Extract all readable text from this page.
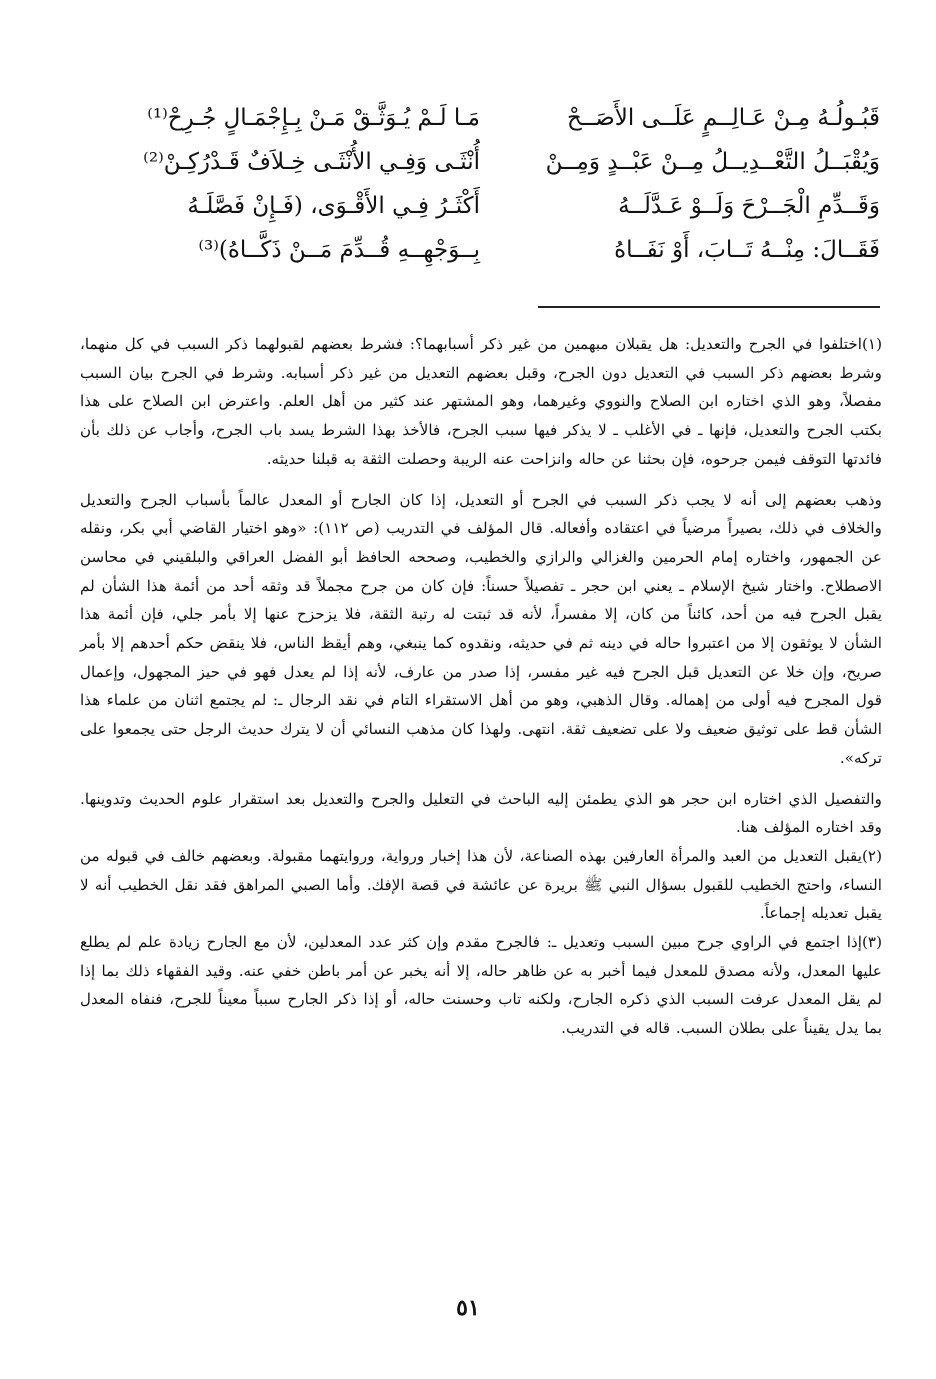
قَبُـولُـهُ مِـنْ عَـالِــمٍ عَلَــى الأَصَــحْ
مَـا لَـمْ يُـوَثَّـقْ مَـنْ بِـإِجْمَـالٍ جُـرِحْ⁽¹⁾
وَيُقْبَــلُ التَّعْــدِيــلُ مِــنْ عَبْــدٍ وَمِــنْ
أُنْثَـى وَفِـي الأُنْثَـى خِـلاَفٌ قَـدْرُكِـنْ⁽²⁾
وَقَــدِّمِ الْجَــرْحَ وَلَــوْ عَـدَّلَــهُ
أَكْثَـرُ فِـي الأَقْـوَى، (فَـإِنْ فَصَّلَـهُ
فَقَــالَ: مِنْــهُ تَــابَ، أَوْ نَفَــاهُ
بِــوَجْهِــهِ قُــدِّمَ مَــنْ ذَكَّــاهُ)⁽³⁾

(١)اختلفوا في الجرح والتعديل: هل يقبلان مبهمين من غير ذكر أسبابهما؟: فشرط بعضهم لقبولهما ذكر السبب في كل منهما، وشرط بعضهم ذكر السبب في التعديل دون الجرح، وقبل بعضهم التعديل من غير ذكر أسبابه. وشرط في الجرح بيان السبب مفصلاً، وهو الذي اختاره ابن الصلاح والنووي وغيرهما، وهو المشتهر عند كثير من أهل العلم. واعترض ابن الصلاح على هذا بكتب الجرح والتعديل، فإنها ـ في الأغلب ـ لا يذكر فيها سبب الجرح، فالأخذ بهذا الشرط يسد باب الجرح، وأجاب عن ذلك بأن فائدتها التوقف فيمن جرحوه، فإن بحثنا عن حاله وانزاحت عنه الريبة وحصلت الثقة به قبلنا حديثه.

وذهب بعضهم إلى أنه لا يجب ذكر السبب في الجرح أو التعديل، إذا كان الجارح أو المعدل عالماً بأسباب الجرح والتعديل والخلاف في ذلك، بصيراً مرضياً في اعتقاده وأفعاله. قال المؤلف في التدريب (ص ١١٢): «وهو اختيار القاضي أبي بكر، ونقله عن الجمهور، واختاره إمام الحرمين والغزالي والرازي والخطيب، وصححه الحافظ أبو الفضل العراقي والبلقيني في محاسن الاصطلاح. واختار شيخ الإسلام ـ يعني ابن حجر ـ تفصيلاً حسناً: فإن كان من جرح مجملاً قد وثقه أحد من أئمة هذا الشأن لم يقبل الجرح فيه من أحد، كائناً من كان، إلا مفسراً، لأنه قد ثبتت له رتبة الثقة، فلا يزحزح عنها إلا بأمر جلي، فإن أئمة هذا الشأن لا يوثقون إلا من اعتبروا حاله في دينه ثم في حديثه، ونقدوه كما ينبغي، وهم أيقظ الناس، فلا ينقض حكم أحدهم إلا بأمر صريح، وإن خلا عن التعديل قبل الجرح فيه غير مفسر، إذا صدر من عارف، لأنه إذا لم يعدل فهو في حيز المجهول، وإعمال قول المجرح فيه أولى من إهماله. وقال الذهبي، وهو من أهل الاستقراء التام في نقد الرجال ـ: لم يجتمع اثنان من علماء هذا الشأن قط على توثيق ضعيف ولا على تضعيف ثقة. انتهى. ولهذا كان مذهب النسائي أن لا يترك حديث الرجل حتى يجمعوا على تركه».

والتفصيل الذي اختاره ابن حجر هو الذي يطمئن إليه الباحث في التعليل والجرح والتعديل بعد استقرار علوم الحديث وتدوينها. وقد اختاره المؤلف هنا.

(٢)يقبل التعديل من العبد والمرأة العارفين بهذه الصناعة، لأن هذا إخبار ورواية، وروايتهما مقبولة. وبعضهم خالف في قبوله من النساء، واحتج الخطيب للقبول بسؤال النبي ﷺ بريرة عن عائشة في قصة الإفك. وأما الصبي المراهق فقد نقل الخطيب أنه لا يقبل تعديله إجماعاً.

(٣)إذا اجتمع في الراوي جرح مبين السبب وتعديل ـ: فالجرح مقدم وإن كثر عدد المعدلين، لأن مع الجارح زيادة علم لم يطلع عليها المعدل، ولأنه مصدق للمعدل فيما أخبر به عن ظاهر حاله، إلا أنه يخبر عن أمر باطن خفي عنه. وقيد الفقهاء ذلك بما إذا لم يقل المعدل عرفت السبب الذي ذكره الجارح، ولكنه تاب وحسنت حاله، أو إذا ذكر الجارح سبباً معيناً للجرح، فنفاه المعدل بما يدل يقيناً على بطلان السبب. قاله في التدريب.

٥١
